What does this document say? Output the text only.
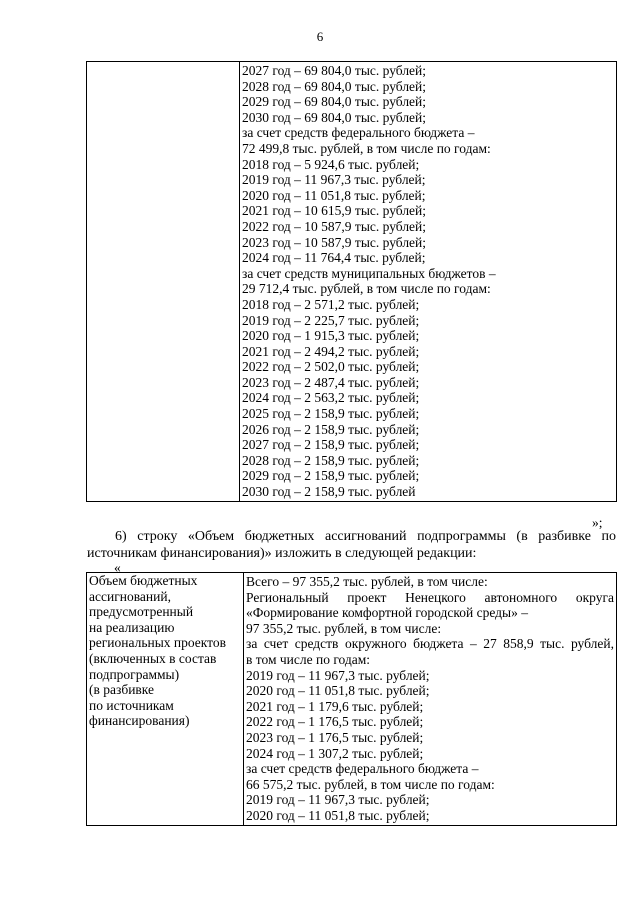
6

2027 год – 69 804,0 тыс. рублей;
2028 год – 69 804,0 тыс. рублей;
2029 год – 69 804,0 тыс. рублей;
2030 год – 69 804,0 тыс. рублей;
за счет средств федерального бюджета –
72 499,8 тыс. рублей, в том числе по годам:
2018 год – 5 924,6 тыс. рублей;
2019 год – 11 967,3 тыс. рублей;
2020 год – 11 051,8 тыс. рублей;
2021 год – 10 615,9 тыс. рублей;
2022 год – 10 587,9 тыс. рублей;
2023 год – 10 587,9 тыс. рублей;
2024 год – 11 764,4 тыс. рублей;
за счет средств муниципальных бюджетов –
29 712,4 тыс. рублей, в том числе по годам:
2018 год – 2 571,2 тыс. рублей;
2019 год – 2 225,7 тыс. рублей;
2020 год – 1 915,3 тыс. рублей;
2021 год – 2 494,2 тыс. рублей;
2022 год – 2 502,0 тыс. рублей;
2023 год – 2 487,4 тыс. рублей;
2024 год – 2 563,2 тыс. рублей;
2025 год – 2 158,9 тыс. рублей;
2026 год – 2 158,9 тыс. рублей;
2027 год – 2 158,9 тыс. рублей;
2028 год – 2 158,9 тыс. рублей;
2029 год – 2 158,9 тыс. рублей;
2030 год – 2 158,9 тыс. рублей
»;
6) строку «Объем бюджетных ассигнований подпрограммы (в разбивке по источникам финансирования)» изложить в следующей редакции:
«
Объем бюджетных
ассигнований,
предусмотренный
на реализацию
региональных проектов
(включенных в состав
подпрограммы)
(в разбивке
по источникам
финансирования)

Всего – 97 355,2 тыс. рублей, в том числе:
Региональный проект Ненецкого автономного округа
«Формирование комфортной городской среды» –
97 355,2 тыс. рублей, в том числе:
за счет средств окружного бюджета – 27 858,9 тыс. рублей,
в том числе по годам:
2019 год – 11 967,3 тыс. рублей;
2020 год – 11 051,8 тыс. рублей;
2021 год – 1 179,6 тыс. рублей;
2022 год – 1 176,5 тыс. рублей;
2023 год – 1 176,5 тыс. рублей;
2024 год – 1 307,2 тыс. рублей;
за счет средств федерального бюджета –
66 575,2 тыс. рублей, в том числе по годам:
2019 год – 11 967,3 тыс. рублей;
2020 год – 11 051,8 тыс. рублей;
